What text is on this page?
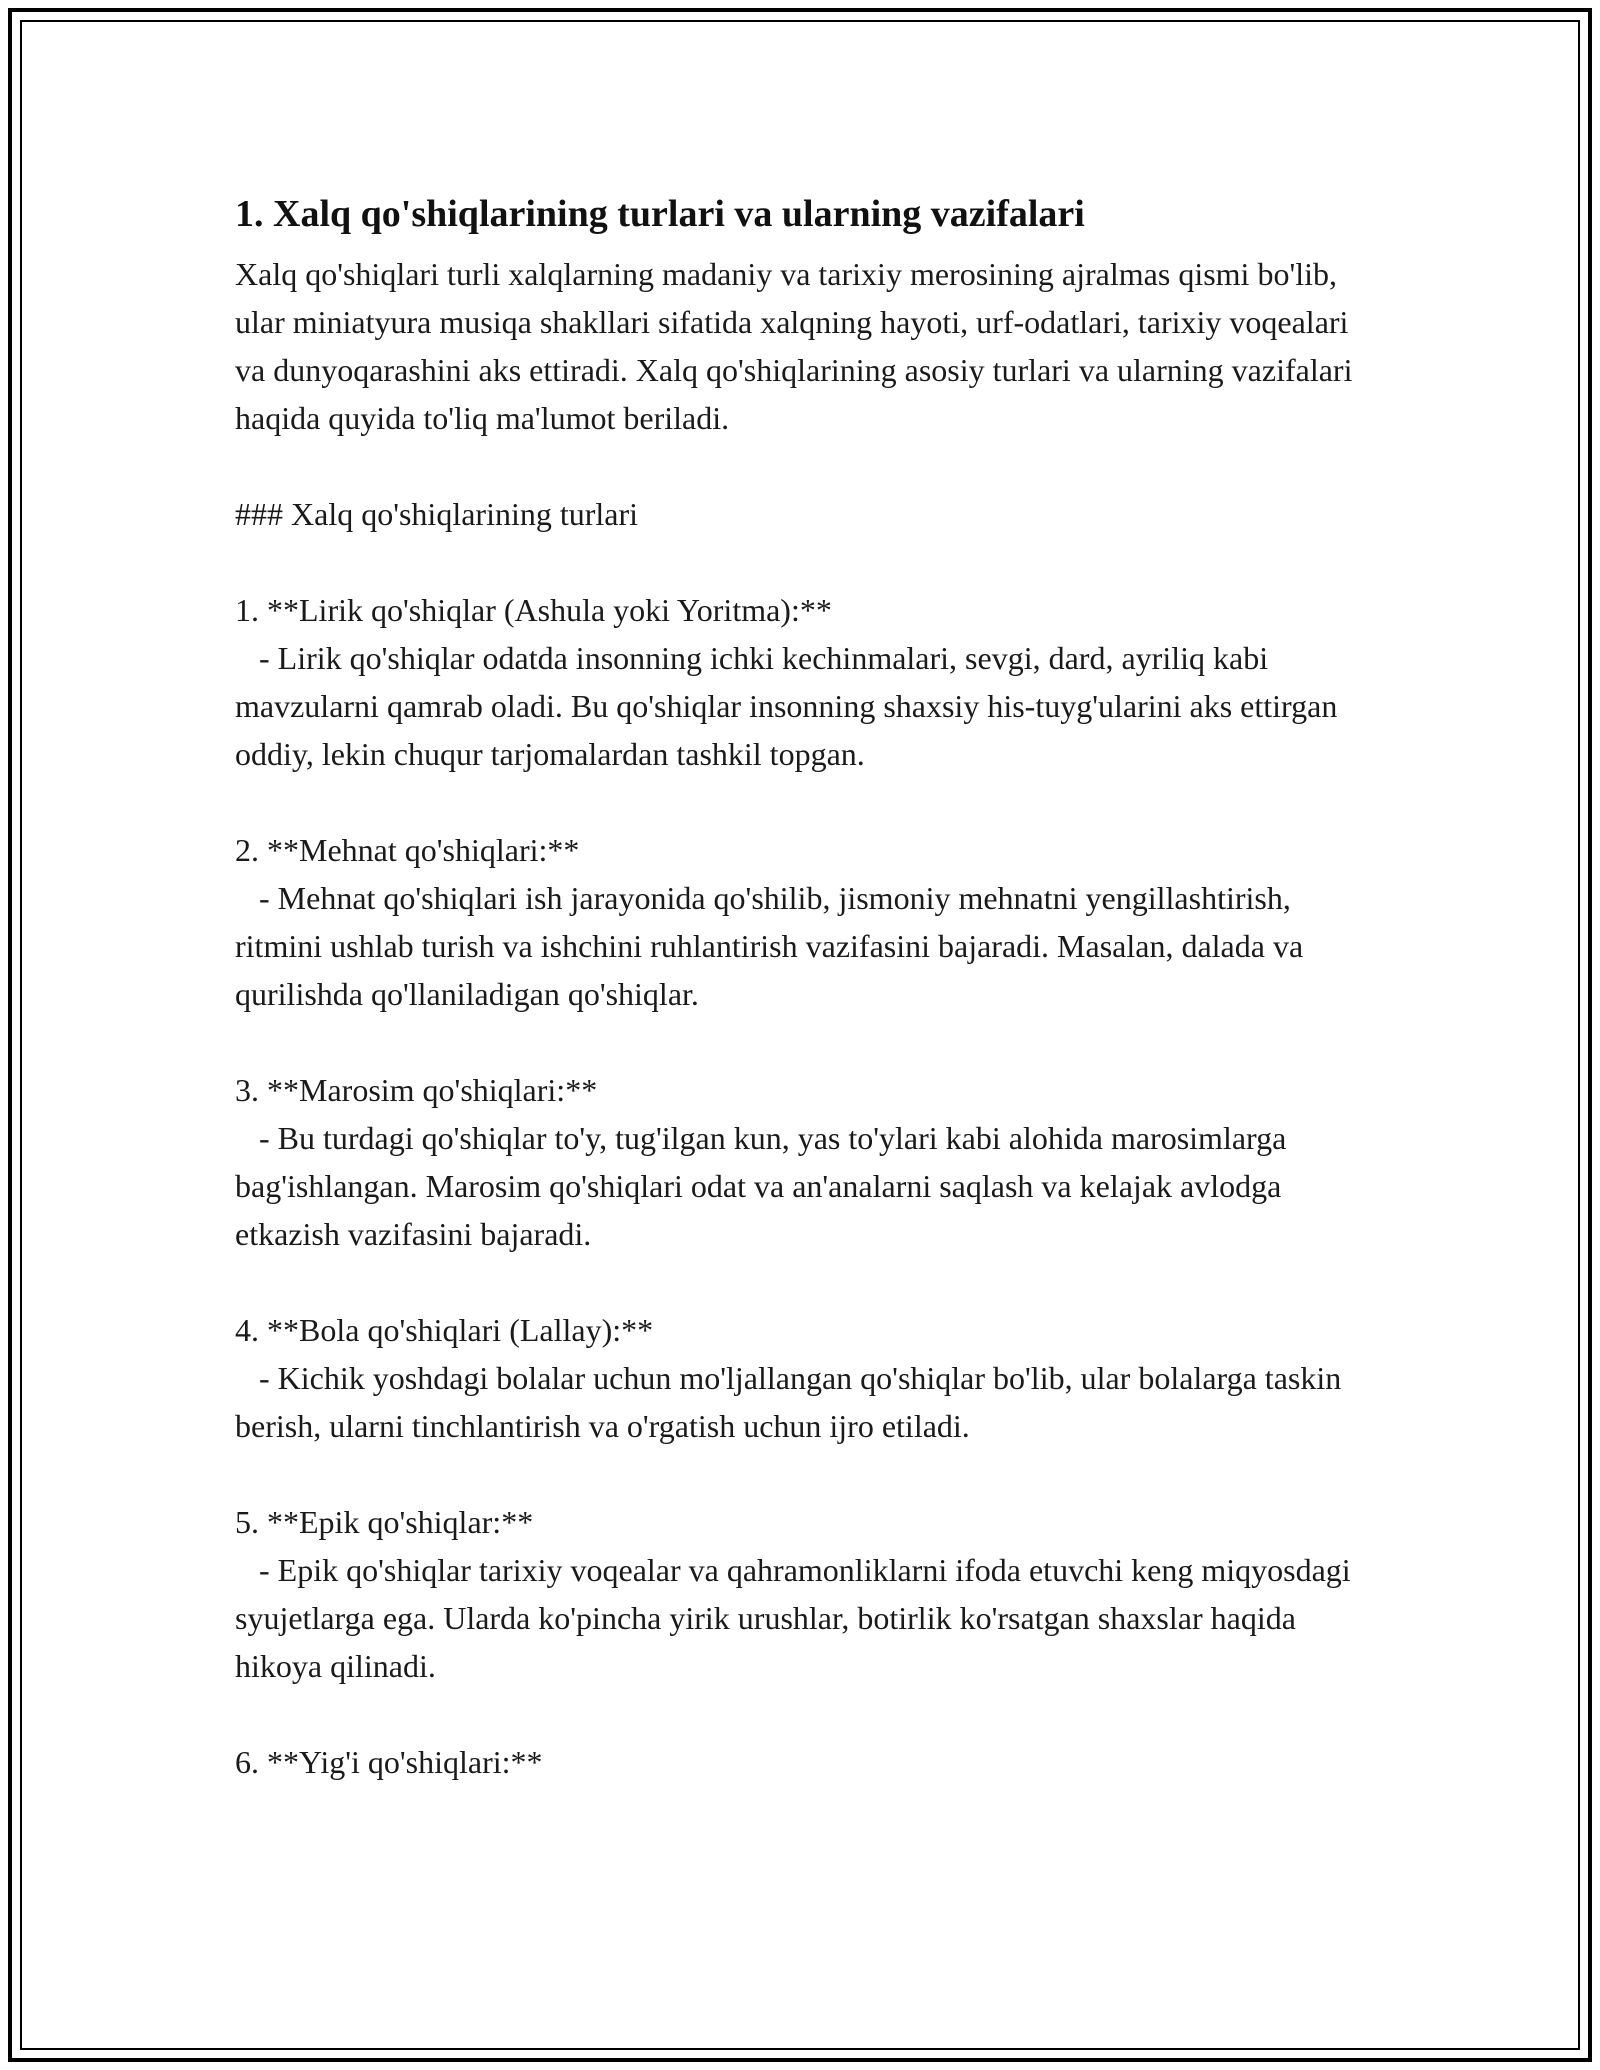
1. Xalq qo'shiqlarining turlari va ularning vazifalari

Xalq qo'shiqlari turli xalqlarning madaniy va tarixiy merosining ajralmas qismi bo'lib, ular miniatyura musiqa shakllari sifatida xalqning hayoti, urf-odatlari, tarixiy voqealari va dunyoqarashini aks ettiradi. Xalq qo'shiqlarining asosiy turlari va ularning vazifalari haqida quyida to'liq ma'lumot beriladi.

### Xalq qo'shiqlarining turlari

1. **Lirik qo'shiqlar (Ashula yoki Yoritma):**

- Lirik qo'shiqlar odatda insonning ichki kechinmalari, sevgi, dard, ayriliq kabi mavzularni qamrab oladi. Bu qo'shiqlar insonning shaxsiy his-tuyg'ularini aks ettirgan oddiy, lekin chuqur tarjomalardan tashkil topgan.

2. **Mehnat qo'shiqlari:**

- Mehnat qo'shiqlari ish jarayonida qo'shilib, jismoniy mehnatni yengillashtirish, ritmini ushlab turish va ishchini ruhlantirish vazifasini bajaradi. Masalan, dalada va qurilishda qo'llaniladigan qo'shiqlar.

3. **Marosim qo'shiqlari:**

- Bu turdagi qo'shiqlar to'y, tug'ilgan kun, yas to'ylari kabi alohida marosimlarga bag'ishlangan. Marosim qo'shiqlari odat va an'analarni saqlash va kelajak avlodga etkazish vazifasini bajaradi.

4. **Bola qo'shiqlari (Lallay):**

- Kichik yoshdagi bolalar uchun mo'ljallangan qo'shiqlar bo'lib, ular bolalarga taskin berish, ularni tinchlantirish va o'rgatish uchun ijro etiladi.

5. **Epik qo'shiqlar:**

- Epik qo'shiqlar tarixiy voqealar va qahramonliklarni ifoda etuvchi keng miqyosdagi syujetlarga ega. Ularda ko'pincha yirik urushlar, botirlik ko'rsatgan shaxslar haqida hikoya qilinadi.

6. **Yig'i qo'shiqlari:**
